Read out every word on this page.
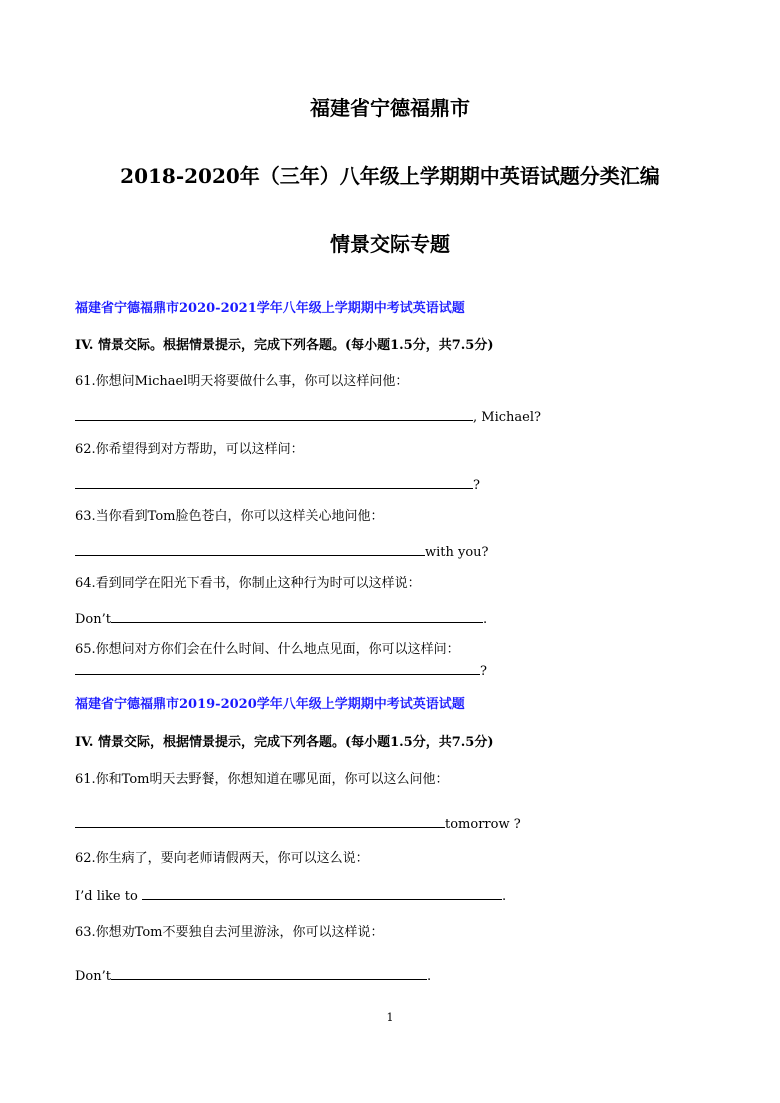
福建省宁德福鼎市
2018-2020年（三年）八年级上学期期中英语试题分类汇编
情景交际专题
福建省宁德福鼎市2020-2021学年八年级上学期期中考试英语试题
IV. 情景交际。根据情景提示，完成下列各题。(每小题1.5分，共7.5分)
61.你想问Michael明天将要做什么事，你可以这样问他：
, Michael?
62.你希望得到对方帮助，可以这样问：
?
63.当你看到Tom脸色苍白，你可以这样关心地问他：
with you?
64.看到同学在阳光下看书，你制止这种行为时可以这样说：
Don’t	.
65.你想问对方你们会在什么时间、什么地点见面，你可以这样问：
?
福建省宁德福鼎市2019-2020学年八年级上学期期中考试英语试题
IV. 情景交际，根据情景提示，完成下列各题。(每小题1.5分，共7.5分)
61.你和Tom明天去野餐，你想知道在哪见面，你可以这么问他：
tomorrow ?
62.你生病了，要向老师请假两天，你可以这么说：
I’d like to	.
63.你想劝Tom不要独自去河里游泳，你可以这样说：
Don’t	.
1
